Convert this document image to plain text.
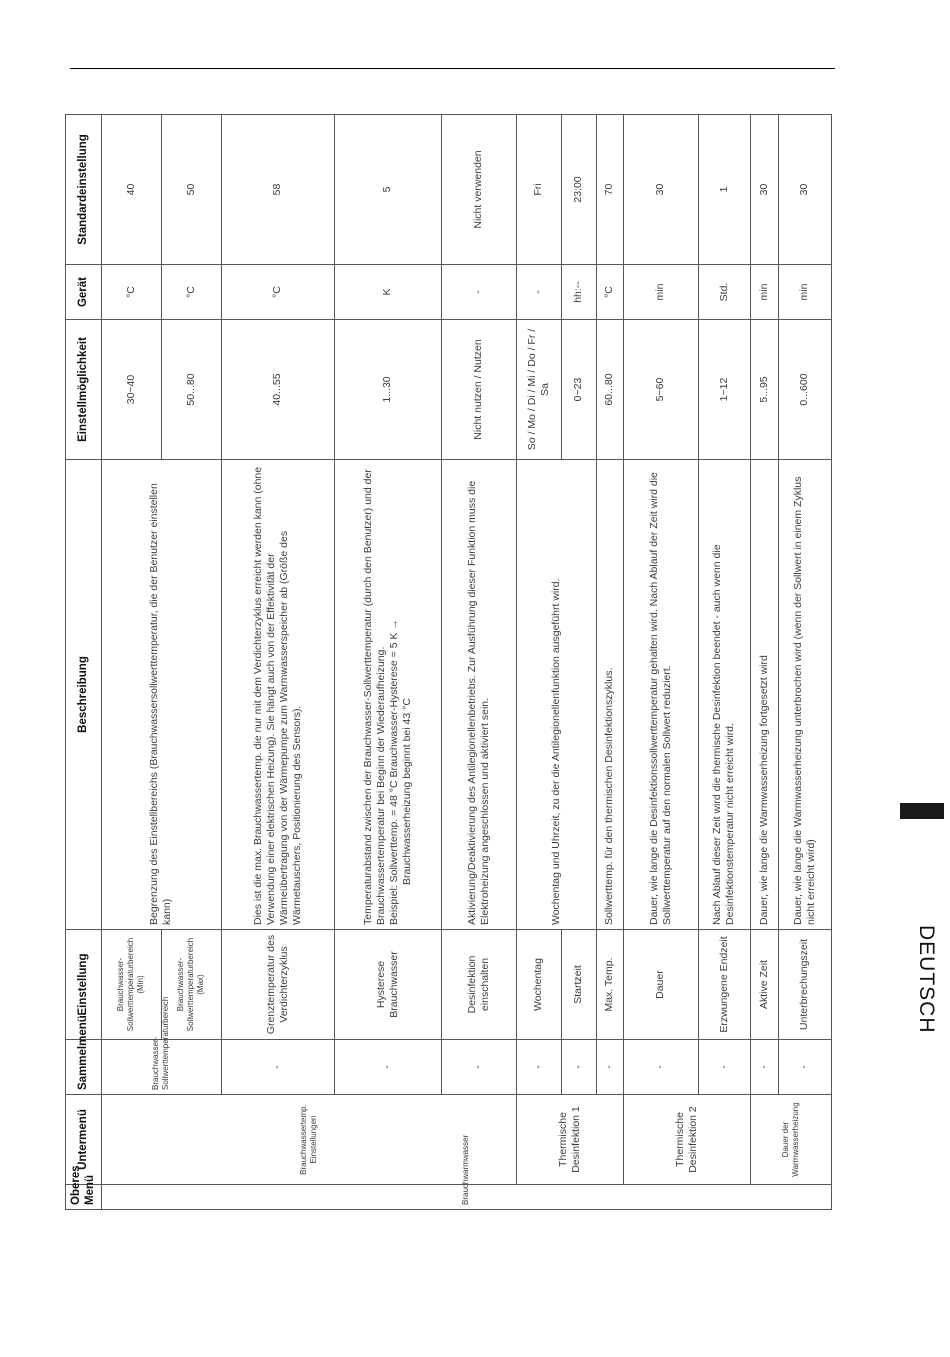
Oberes Menü	Untermenü	Sammelmenü	Einstellung	Beschreibung	Einstellmöglichkeit	Gerät	Standardeinstellung
Brauchwarmwasser	Brauchwassertemp. Einstellungen	Brauchwasser-Sollwerttemperaturbereich	Brauchwasser-Sollwerttemperaturbereich (Min)	Begrenzung des Einstellbereichs (Brauchwassersollwerttemperatur, die der Benutzer einstellen kann)	30~40	°C	40
			Brauchwasser-Sollwerttemperaturbereich (Max)		50...80	°C	50
		-	Grenztemperatur des Verdichterzyklus	Dies ist die max. Brauchwassertemp. die nur mit dem Verdichterzyklus erreicht werden kann (ohne Verwendung einer elektrischen Heizung). Sie hängt auch von der Effektivität der Wärmeübertragung von der Wärmepumpe zum Warmwasserspeicher ab (Größe des Wärmetauschers, Positionierung des Sensors).	40...55	°C	58
		-	Hysterese Brauchwasser	Temperaturabstand zwischen der Brauchwasser-Sollwerttemperatur (durch den Benutzer) und der Brauchwassertemperatur bei Beginn der Wiederaufheizung.
Beispiel: Sollwerttemp. = 48 °C Brauchwasser-Hysterese = 5 K →
Brauchwasserheizung beginnt bei 43 °C	1...30	K	5
		-	Desinfektion einschalten	Aktivierung/Deaktivierung des Antilegionellenbetriebs. Zur Ausführung dieser Funktion muss die Elektroheizung angeschlossen und aktiviert sein.	Nicht nutzen / Nutzen	-	Nicht verwenden
	Thermische Desinfektion 1	-	Wochentag	Wochentag und Uhrzeit, zu der die Antilegionellenfunktion ausgeführt wird.	So / Mo / Di / Mi / Do / Fr / Sa	-	Fri
		-	Startzeit		0~23	hh:--	23:00
		-	Max. Temp.	Sollwerttemp. für den thermischen Desinfektionszyklus.	60...80	°C	70
	Thermische Desinfektion 2	-	Dauer	Dauer, wie lange die Desinfektionssollwerttemperatur gehalten wird. Nach Ablauf der Zeit wird die Sollwerttemperatur auf den normalen Sollwert reduziert.	5~60	min	30
		-	Erzwungene Endzeit	Nach Ablauf dieser Zeit wird die thermische Desinfektion beendet - auch wenn die Desinfektionstemperatur nicht erreicht wird.	1~12	Std.	1
	Dauer der Warmwasserheizung	-	Aktive Zeit	Dauer, wie lange die Warmwasserheizung fortgesetzt wird	5...95	min	30
		-	Unterbrechungszeit	Dauer, wie lange die Warmwasserheizung unterbrochen wird (wenn der Sollwert in einem Zyklus nicht erreicht wird)	0...600	min	30
DEUTSCH
